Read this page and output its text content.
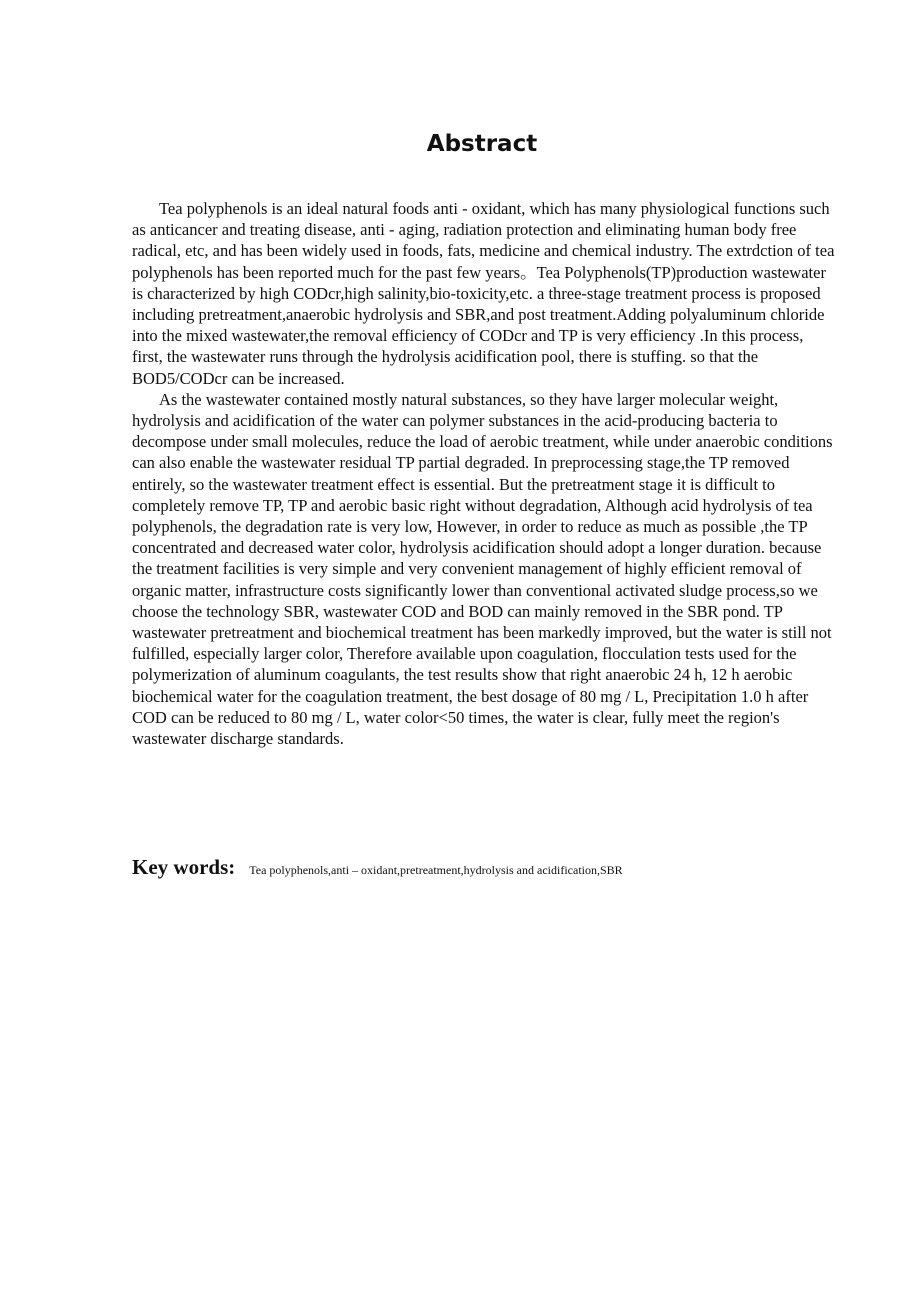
Abstract

Tea polyphenols is an ideal natural foods anti - oxidant, which has many physiological functions such as anticancer and treating disease, anti - aging, radiation protection and eliminating human body free radical, etc, and has been widely used in foods, fats, medicine and chemical industry. The extrdction of tea polyphenols has been reported much for the past few years。Tea Polyphenols(TP)production wastewater is characterized by high CODcr,high salinity,bio-toxicity,etc. a three-stage treatment process is proposed including pretreatment,anaerobic hydrolysis and SBR,and post treatment.Adding polyaluminum chloride into the mixed wastewater,the removal efficiency of CODcr and TP is very efficiency .In this process, first, the wastewater runs through the hydrolysis acidification pool, there is stuffing. so that the BOD5/CODcr can be increased.

As the wastewater contained mostly natural substances, so they have larger molecular weight, hydrolysis and acidification of the water can polymer substances in the acid-producing bacteria to decompose under small molecules, reduce the load of aerobic treatment, while under anaerobic conditions can also enable the wastewater residual TP partial degraded. In preprocessing stage,the TP removed entirely, so the wastewater treatment effect is essential. But the pretreatment stage it is difficult to completely remove TP, TP and aerobic basic right without degradation, Although acid hydrolysis of tea polyphenols, the degradation rate is very low, However, in order to reduce as much as possible ,the TP concentrated and decreased water color, hydrolysis acidification should adopt a longer duration. because the treatment facilities is very simple and very convenient management of highly efficient removal of organic matter, infrastructure costs significantly lower than conventional activated sludge process,so we choose the technology SBR, wastewater COD and BOD can mainly removed in the SBR pond. TP wastewater pretreatment and biochemical treatment has been markedly improved, but the water is still not fulfilled, especially larger color, Therefore available upon coagulation, flocculation tests used for the polymerization of aluminum coagulants, the test results show that right anaerobic 24 h, 12 h aerobic biochemical water for the coagulation treatment, the best dosage of 80 mg / L, Precipitation 1.0 h after COD can be reduced to 80 mg / L, water color<50 times, the water is clear, fully meet the region's wastewater discharge standards.

Key words: Tea polyphenols,anti – oxidant,pretreatment,hydrolysis and acidification,SBR
